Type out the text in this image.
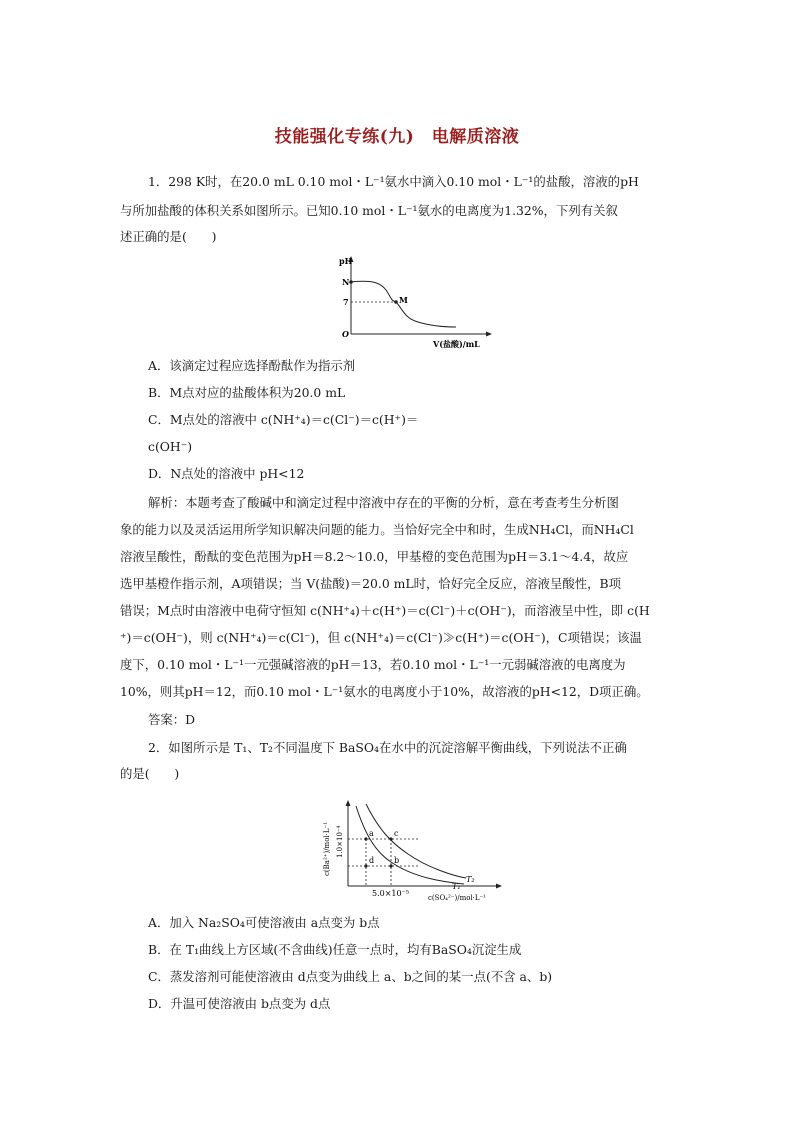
技能强化专练(九)　电解质溶液
1．298 K时，在20.0 mL 0.10 mol・L⁻¹氨水中滴入0.10 mol・L⁻¹的盐酸，溶液的pH
与所加盐酸的体积关系如图所示。已知0.10 mol・L⁻¹氨水的电离度为1.32%，下列有关叙
述正确的是(　　)
pH
N
7	M
O
V(盐酸)/mL
A．该滴定过程应选择酚酞作为指示剂
B．M点对应的盐酸体积为20.0 mL
C．M点处的溶液中 c(NH⁺₄)＝c(Cl⁻)＝c(H⁺)＝
c(OH⁻)
D．N点处的溶液中 pH<12
解析：本题考查了酸碱中和滴定过程中溶液中存在的平衡的分析，意在考查考生分析图
象的能力以及灵活运用所学知识解决问题的能力。当恰好完全中和时，生成NH₄Cl，而NH₄Cl
溶液呈酸性，酚酞的变色范围为pH＝8.2～10.0，甲基橙的变色范围为pH＝3.1～4.4，故应
选甲基橙作指示剂，A项错误；当 V(盐酸)＝20.0 mL时，恰好完全反应，溶液呈酸性，B项
错误；M点时由溶液中电荷守恒知 c(NH⁺₄)＋c(H⁺)＝c(Cl⁻)＋c(OH⁻)，而溶液呈中性，即 c(H
⁺)＝c(OH⁻)，则 c(NH⁺₄)＝c(Cl⁻)，但 c(NH⁺₄)＝c(Cl⁻)≫c(H⁺)＝c(OH⁻)，C项错误；该温
度下，0.10 mol・L⁻¹一元强碱溶液的pH＝13，若0.10 mol・L⁻¹一元弱碱溶液的电离度为
10%，则其pH＝12，而0.10 mol・L⁻¹氨水的电离度小于10%，故溶液的pH<12，D项正确。
答案：D
2．如图所示是 T₁、T₂不同温度下 BaSO₄在水中的沉淀溶解平衡曲线，下列说法不正确
的是(　　)
a	c
d b
T₂
T₁
5.0×10⁻⁵	c(SO₄²⁻)/mol·L⁻¹
1.0×10⁻⁴
c(Ba²⁺)/mol·L⁻¹
A．加入 Na₂SO₄可使溶液由 a点变为 b点
B．在 T₁曲线上方区域(不含曲线)任意一点时，均有BaSO₄沉淀生成
C．蒸发溶剂可能使溶液由 d点变为曲线上 a、b之间的某一点(不含 a、b)
D．升温可使溶液由 b点变为 d点
